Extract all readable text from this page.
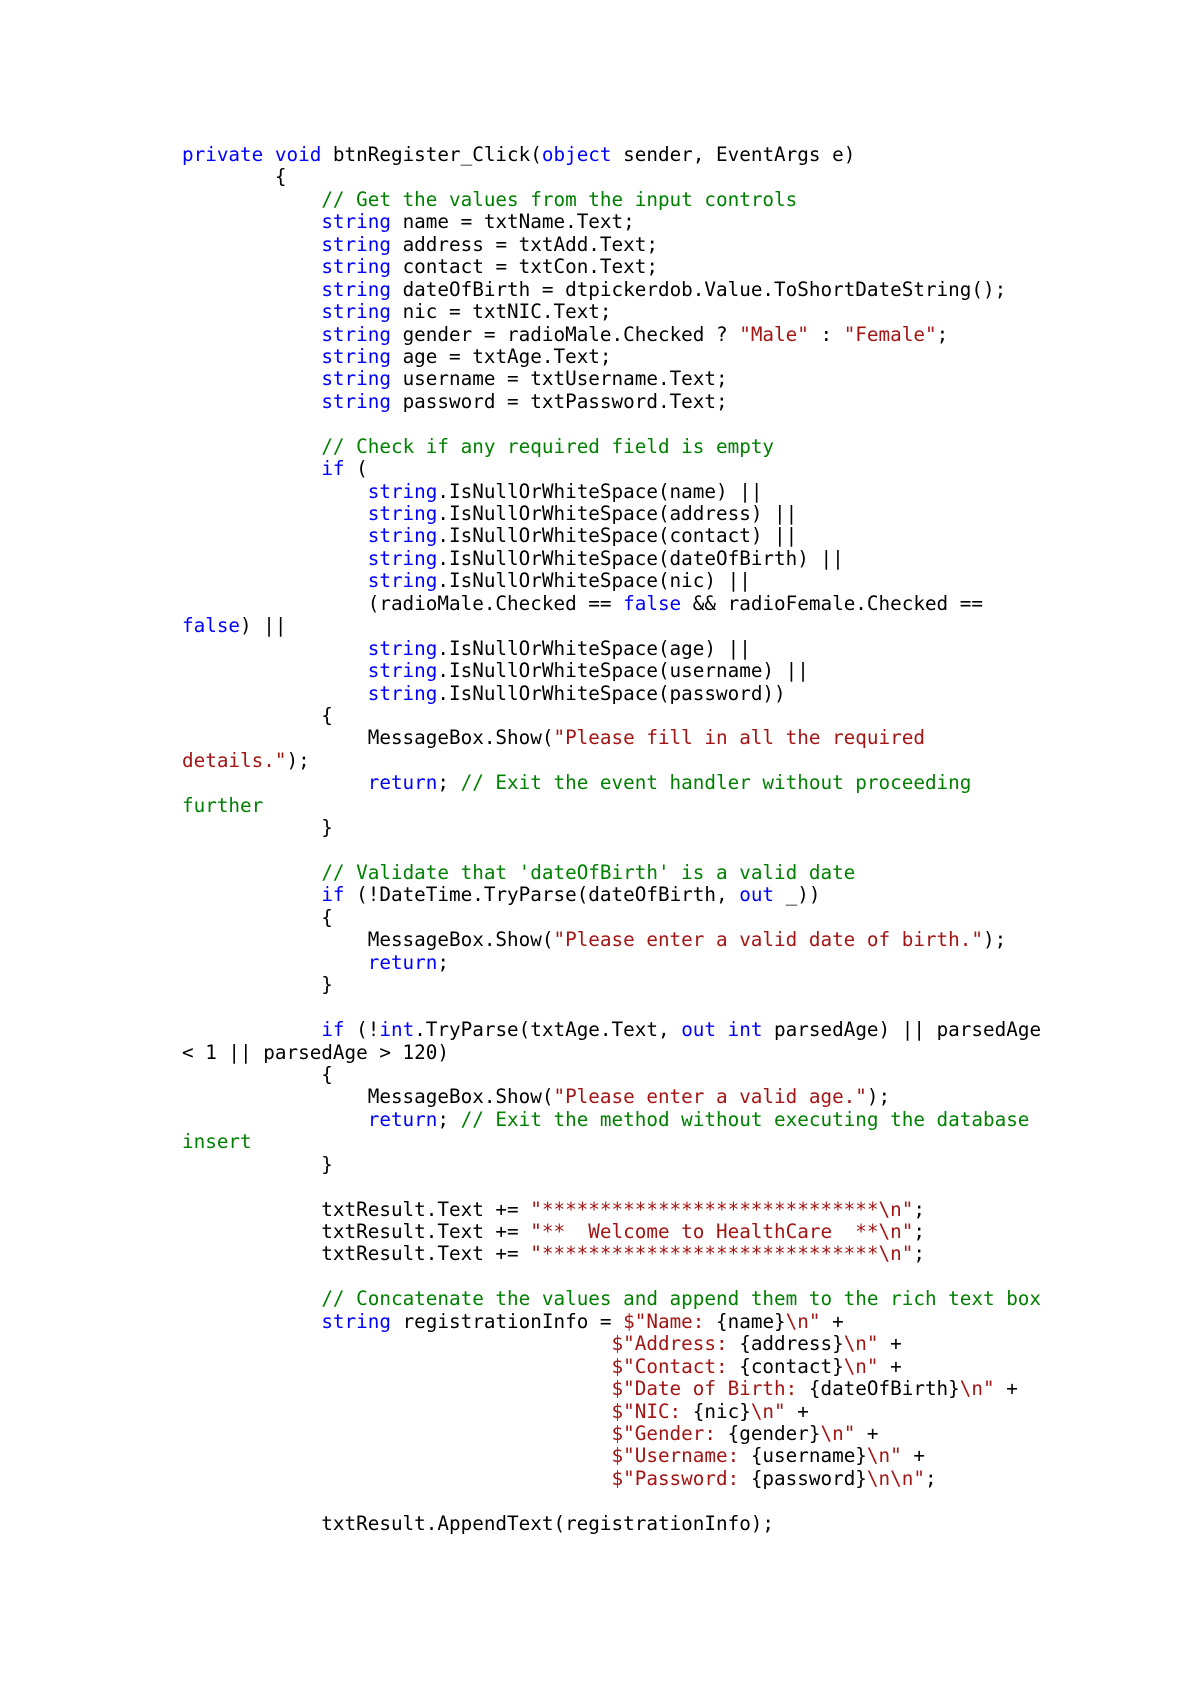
private void btnRegister_Click(object sender, EventArgs e)
{
// Get the values from the input controls
string name = txtName.Text;
string address = txtAdd.Text;
string contact = txtCon.Text;
string dateOfBirth = dtpickerdob.Value.ToShortDateString();
string nic = txtNIC.Text;
string gender = radioMale.Checked ? "Male" : "Female";
string age = txtAge.Text;
string username = txtUsername.Text;
string password = txtPassword.Text;
// Check if any required field is empty
if (
string.IsNullOrWhiteSpace(name) ||
string.IsNullOrWhiteSpace(address) ||
string.IsNullOrWhiteSpace(contact) ||
string.IsNullOrWhiteSpace(dateOfBirth) ||
string.IsNullOrWhiteSpace(nic) ||
(radioMale.Checked == false && radioFemale.Checked ==
false) ||
string.IsNullOrWhiteSpace(age) ||
string.IsNullOrWhiteSpace(username) ||
string.IsNullOrWhiteSpace(password))
{
MessageBox.Show("Please fill in all the required
details.");
return; // Exit the event handler without proceeding
further
}
// Validate that 'dateOfBirth' is a valid date
if (!DateTime.TryParse(dateOfBirth, out _))
{
MessageBox.Show("Please enter a valid date of birth.");
return;
}
if (!int.TryParse(txtAge.Text, out int parsedAge) || parsedAge
< 1 || parsedAge > 120)
{
MessageBox.Show("Please enter a valid age.");
return; // Exit the method without executing the database
insert
}
txtResult.Text += "*****************************\n";
txtResult.Text += "**  Welcome to HealthCare  **\n";
txtResult.Text += "*****************************\n";
// Concatenate the values and append them to the rich text box
string registrationInfo = $"Name: {name}\n" +
$"Address: {address}\n" +
$"Contact: {contact}\n" +
$"Date of Birth: {dateOfBirth}\n" +
$"NIC: {nic}\n" +
$"Gender: {gender}\n" +
$"Username: {username}\n" +
$"Password: {password}\n\n";
txtResult.AppendText(registrationInfo);
